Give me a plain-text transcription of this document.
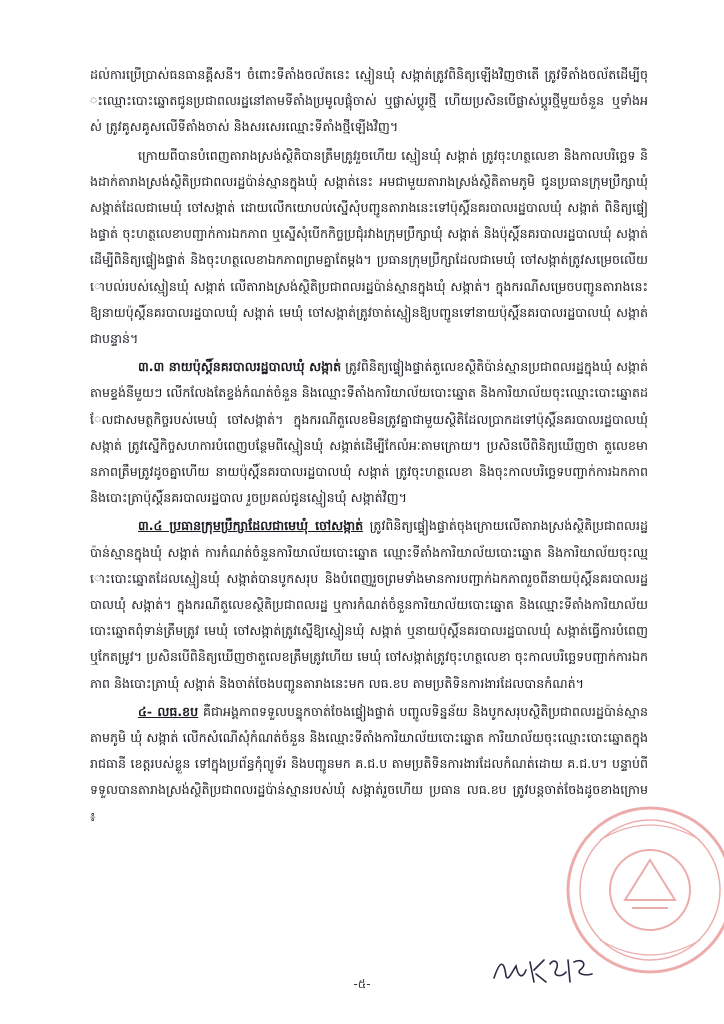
ដល់ការប្រើប្រាស់ធនធានគ្គីសនី។ ចំពោះទីតាំងចល័តនេះ ស្មៀនឃុំ សង្កាត់ត្រូវពិនិត្យឡើងវិញថាតើ ត្រូវទីតាំងចល័តដើម្បីចុះឈ្មោះបោះឆ្នោតជូនប្រជាពលរដ្ឋនៅតាមទីតាំងប្រមូលផ្តុំចាស់ ឬផ្លាស់ប្តូរថ្មី ហើយប្រសិនបើផ្លាស់ប្តូរថ្មីមួយចំនួន ឬទាំងអស់ ត្រូវគូសគូសលើទីតាំងចាស់ និងសរសេរឈ្មោះទីតាំងថ្មីឡើងវិញ។

ក្រោយពីបានបំពេញតារាងស្រង់ស្ថិតិបានត្រឹមត្រូវរួចហើយ ស្មៀនឃុំ សង្កាត់ ត្រូវចុះហត្ថលេខា និងកាលបរិច្ឆេទ និងដាក់តារាងស្រង់ស្ថិតិប្រជាពលរដ្ឋប៉ាន់ស្មានក្នុងឃុំ សង្កាត់នេះ អមជាមួយតារាងស្រង់ស្ថិតិតាមភូមិ ជូនប្រធានក្រុមប្រឹក្សាឃុំ សង្កាត់ដែលជាមេឃុំ ចៅសង្កាត់ ដោយលើកយោបល់ស្នើសុំបញ្ជូនតារាងនេះទៅប៉ុស្តិ៍នគរបាលរដ្ឋបាលឃុំ សង្កាត់ ពិនិត្យផ្ទៀងផ្ទាត់ ចុះហត្ថលេខាបញ្ជាក់ការឯកភាព ឬស្នើសុំបើកកិច្ចប្រជុំរវាងក្រុមប្រឹក្សាឃុំ សង្កាត់ និងប៉ុស្តិ៍នគរបាលរដ្ឋបាលឃុំ សង្កាត់ ដើម្បីពិនិត្យផ្ទៀងផ្ទាត់ និងចុះហត្ថលេខាឯកភាពព្រមគ្នាតែម្តង។ ប្រធានក្រុមប្រឹក្សាដែលជាមេឃុំ ចៅសង្កាត់ត្រូវសម្រេចលើយោបល់របស់ស្មៀនឃុំ សង្កាត់ លើតារាងស្រង់ស្ថិតិប្រជាពលរដ្ឋប៉ាន់ស្មានក្នុងឃុំ សង្កាត់។ ក្នុងករណីសម្រេចបញ្ជូនតារាងនេះឱ្យនាយប៉ុស្តិ៍នគរបាលរដ្ឋបាលឃុំ សង្កាត់ មេឃុំ ចៅសង្កាត់ត្រូវចាត់ស្មៀនឱ្យបញ្ជូនទៅនាយប៉ុស្តិ៍នគរបាលរដ្ឋបាលឃុំ សង្កាត់ជាបន្ទាន់។

៣.៣ នាយប៉ុស្តិ៍នគរបាលរដ្ឋបាលឃុំ សង្កាត់ ត្រូវពិនិត្យផ្ទៀងផ្ទាត់តួលេខស្ថិតិប៉ាន់ស្មានប្រជាពលរដ្ឋក្នុងឃុំ សង្កាត់តាមខ្ទង់នីមួយៗ លើកលែងតែខ្ទង់កំណត់ចំនួន និងឈ្មោះទីតាំងការិយាល័យបោះឆ្នោត និងការិយាល័យចុះឈ្មោះបោះឆ្នោតដែលជាសមត្ថកិច្ចរបស់មេឃុំ ចៅសង្កាត់។ ក្នុងករណីតួលេខមិនត្រូវគ្នាជាមួយស្ថិតិដែលប្រាកដទៅប៉ុស្តិ៍នគរបាលរដ្ឋបាលឃុំ សង្កាត់ ត្រូវស្នើកិច្ចសហការបំពេញបន្ថែមពីស្មៀនឃុំ សង្កាត់ដើម្បីកែលំអៈតាមក្រោយ។ ប្រសិនបើពិនិត្យឃើញថា តួលេខមានភាពត្រឹមត្រូវដូចគ្នាហើយ នាយប៉ុស្តិ៍នគរបាលរដ្ឋបាលឃុំ សង្កាត់ ត្រូវចុះហត្ថលេខា និងចុះកាលបរិច្ឆេទបញ្ជាក់ការឯកភាព និងបោះត្រាប៉ុស្តិ៍នគរបាលរដ្ឋបាល រួចប្រគល់ជូនស្មៀនឃុំ សង្កាត់វិញ។

៣.៤ ប្រធានក្រុមប្រឹក្សាដែលជាមេឃុំ ចៅសង្កាត់ ត្រូវពិនិត្យផ្ទៀងផ្ទាត់ចុងក្រោយលើតារាងស្រង់ស្ថិតិប្រជាពលរដ្ឋប៉ាន់ស្មានក្នុងឃុំ សង្កាត់ ការកំណត់ចំនួនការិយាល័យបោះឆ្នោត ឈ្មោះទីតាំងការិយាល័យបោះឆ្នោត និងការិយាល័យចុះឈ្មោះបោះឆ្នោតដែលស្មៀនឃុំ សង្កាត់បានបូកសរុប និងបំពេញរួចព្រមទាំងមានការបញ្ជាក់ឯកភាពរួចពីនាយប៉ុស្តិ៍នគរបាលរដ្ឋបាលឃុំ សង្កាត់។ ក្នុងករណីតួលេខស្ថិតិប្រជាពលរដ្ឋ ឬការកំណត់ចំនួនការិយាល័យបោះឆ្នោត និងឈ្មោះទីតាំងការិយាល័យបោះឆ្នោតពុំទាន់ត្រឹមត្រូវ មេឃុំ ចៅសង្កាត់ត្រូវស្នើឱ្យស្មៀនឃុំ សង្កាត់ ឬនាយប៉ុស្តិ៍នគរបាលរដ្ឋបាលឃុំ សង្កាត់ធ្វើការបំពេញ ឬកែតម្រូវ។ ប្រសិនបើពិនិត្យឃើញថាតួលេខត្រឹមត្រូវហើយ មេឃុំ ចៅសង្កាត់ត្រូវចុះហត្ថលេខា ចុះកាលបរិច្ឆេទបញ្ជាក់ការឯកភាព និងបោះត្រាឃុំ សង្កាត់ និងចាត់ចែងបញ្ជូនតារាងនេះមក លធ.ខប តាមប្រតិទិនការងារដែលបានកំណត់។

៤- លធ.ខប គឺជាអង្គភាពទទួលបន្ទុកចាត់ចែងផ្ទៀងផ្ទាត់ បញ្ចូលទិន្នន័យ និងបូកសរុបស្ថិតិប្រជាពលរដ្ឋប៉ាន់ស្មានតាមភូមិ ឃុំ សង្កាត់ លើកសំណើសុំកំណត់ចំនួន និងឈ្មោះទីតាំងការិយាល័យបោះឆ្នោត ការិយាល័យចុះឈ្មោះបោះឆ្នោតក្នុងរាជធានី ខេត្តរបស់ខ្លួន ទៅក្នុងប្រព័ន្ធកុំព្យូទ័រ និងបញ្ជូនមក គ.ជ.ប តាមប្រតិទិនការងារដែលកំណត់ដោយ គ.ជ.ប។ បន្ទាប់ពីទទួលបានតារាងស្រង់ស្ថិតិប្រជាពលរដ្ឋប៉ាន់ស្មានរបស់ឃុំ សង្កាត់រួចហើយ ប្រធាន លធ.ខប ត្រូវបន្តចាត់ចែងដូចខាងក្រោម ៖

-៥-
